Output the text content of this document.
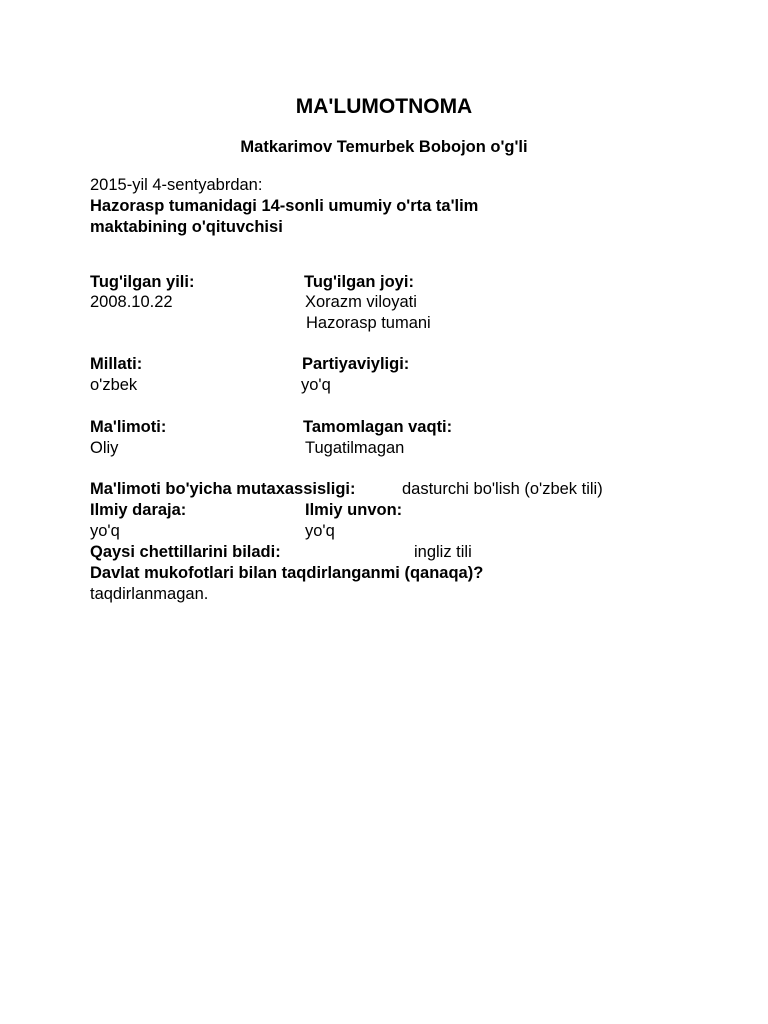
MA'LUMOTNOMA
Matkarimov Temurbek Bobojon o'g'li
2015-yil 4-sentyabrdan:
Hazorasp tumanidagi 14-sonli umumiy o'rta ta'lim
maktabining o'qituvchisi
Tug'ilgan yili:	Tug'ilgan joyi:
2008.10.22	Xorazm viloyati
Hazorasp tumani
Millati:	Partiyaviyligi:
o'zbek	yo'q
Ma'limoti:	Tamomlagan vaqti:
Oliy	Tugatilmagan
Ma'limoti bo'yicha mutaxassisligi:	dasturchi bo'lish (o'zbek tili)
Ilmiy daraja:	Ilmiy unvon:
yo'q	yo'q
Qaysi chettillarini biladi:	ingliz tili
Davlat mukofotlari bilan taqdirlanganmi (qanaqa)?
taqdirlanmagan.
